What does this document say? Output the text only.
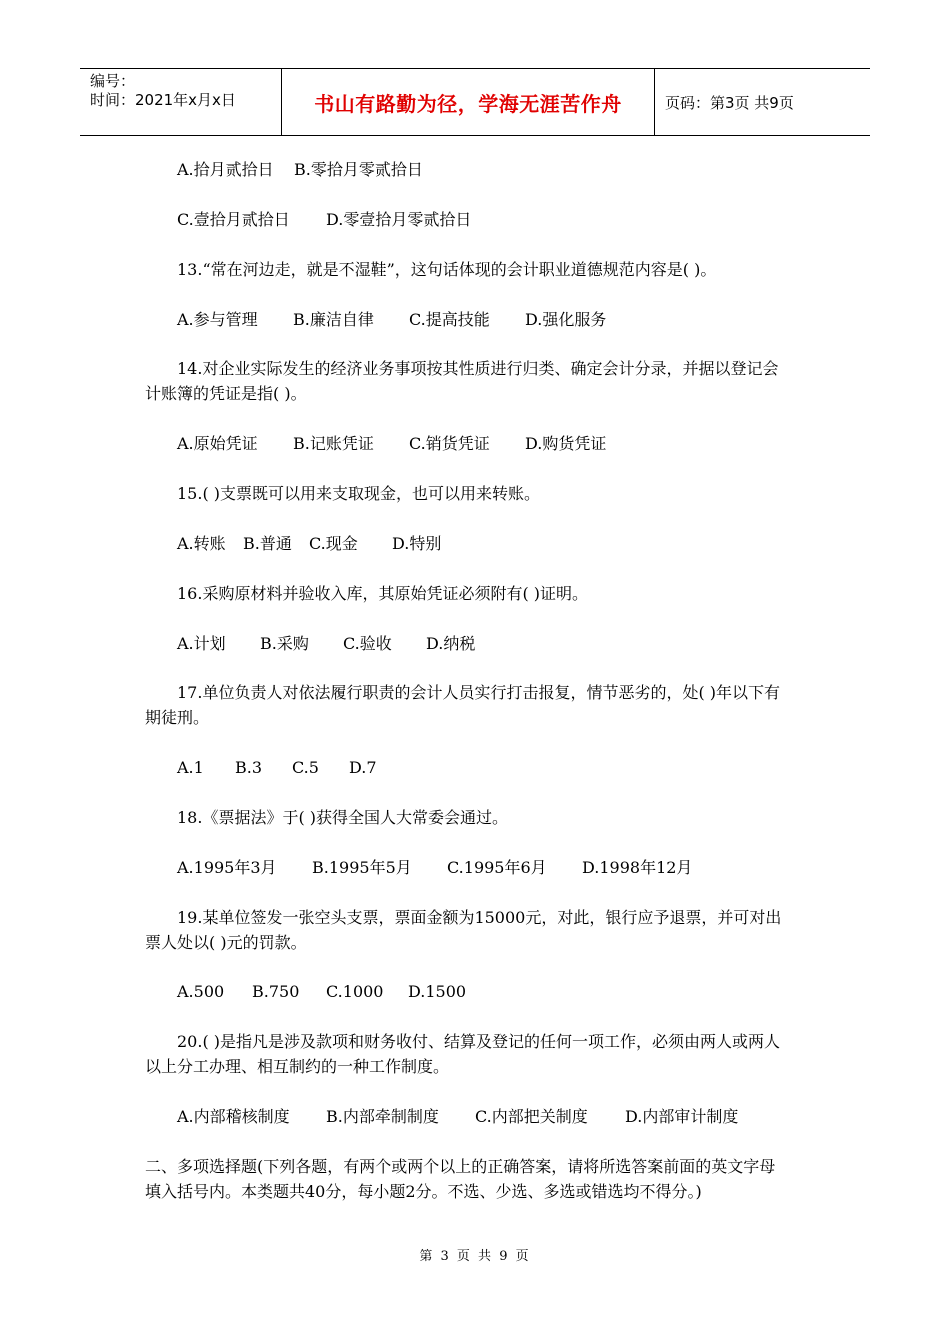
编号：
时间：2021年x月x日	书山有路勤为径，学海无涯苦作舟	页码：第3页 共9页
A.拾月贰拾日	B.零拾月零贰拾日
C.壹拾月贰拾日	D.零壹拾月零贰拾日
13.“常在河边走，就是不湿鞋”，这句话体现的会计职业道德规范内容是( )。
A.参与管理	B.廉洁自律	C.提高技能	D.强化服务
14.对企业实际发生的经济业务事项按其性质进行归类、确定会计分录，并据以登记会
计账簿的凭证是指( )。
A.原始凭证	B.记账凭证	C.销货凭证	D.购货凭证
15.( )支票既可以用来支取现金，也可以用来转账。
A.转账	B.普通	C.现金	D.特别
16.采购原材料并验收入库，其原始凭证必须附有( )证明。
A.计划	B.采购	C.验收	D.纳税
17.单位负责人对依法履行职责的会计人员实行打击报复，情节恶劣的，处( )年以下有
期徒刑。
A.1	B.3	C.5	D.7
18.《票据法》于( )获得全国人大常委会通过。
A.1995年3月	B.1995年5月	C.1995年6月	D.1998年12月
19.某单位签发一张空头支票，票面金额为15000元，对此，银行应予退票，并可对出
票人处以( )元的罚款。
A.500	B.750	C.1000	D.1500
20.( )是指凡是涉及款项和财务收付、结算及登记的任何一项工作，必须由两人或两人
以上分工办理、相互制约的一种工作制度。
A.内部稽核制度	B.内部牵制制度	C.内部把关制度	D.内部审计制度
二、多项选择题(下列各题，有两个或两个以上的正确答案，请将所选答案前面的英文字母
填入括号内。本类题共40分，每小题2分。不选、少选、多选或错选均不得分。)
第 3 页 共 9 页
